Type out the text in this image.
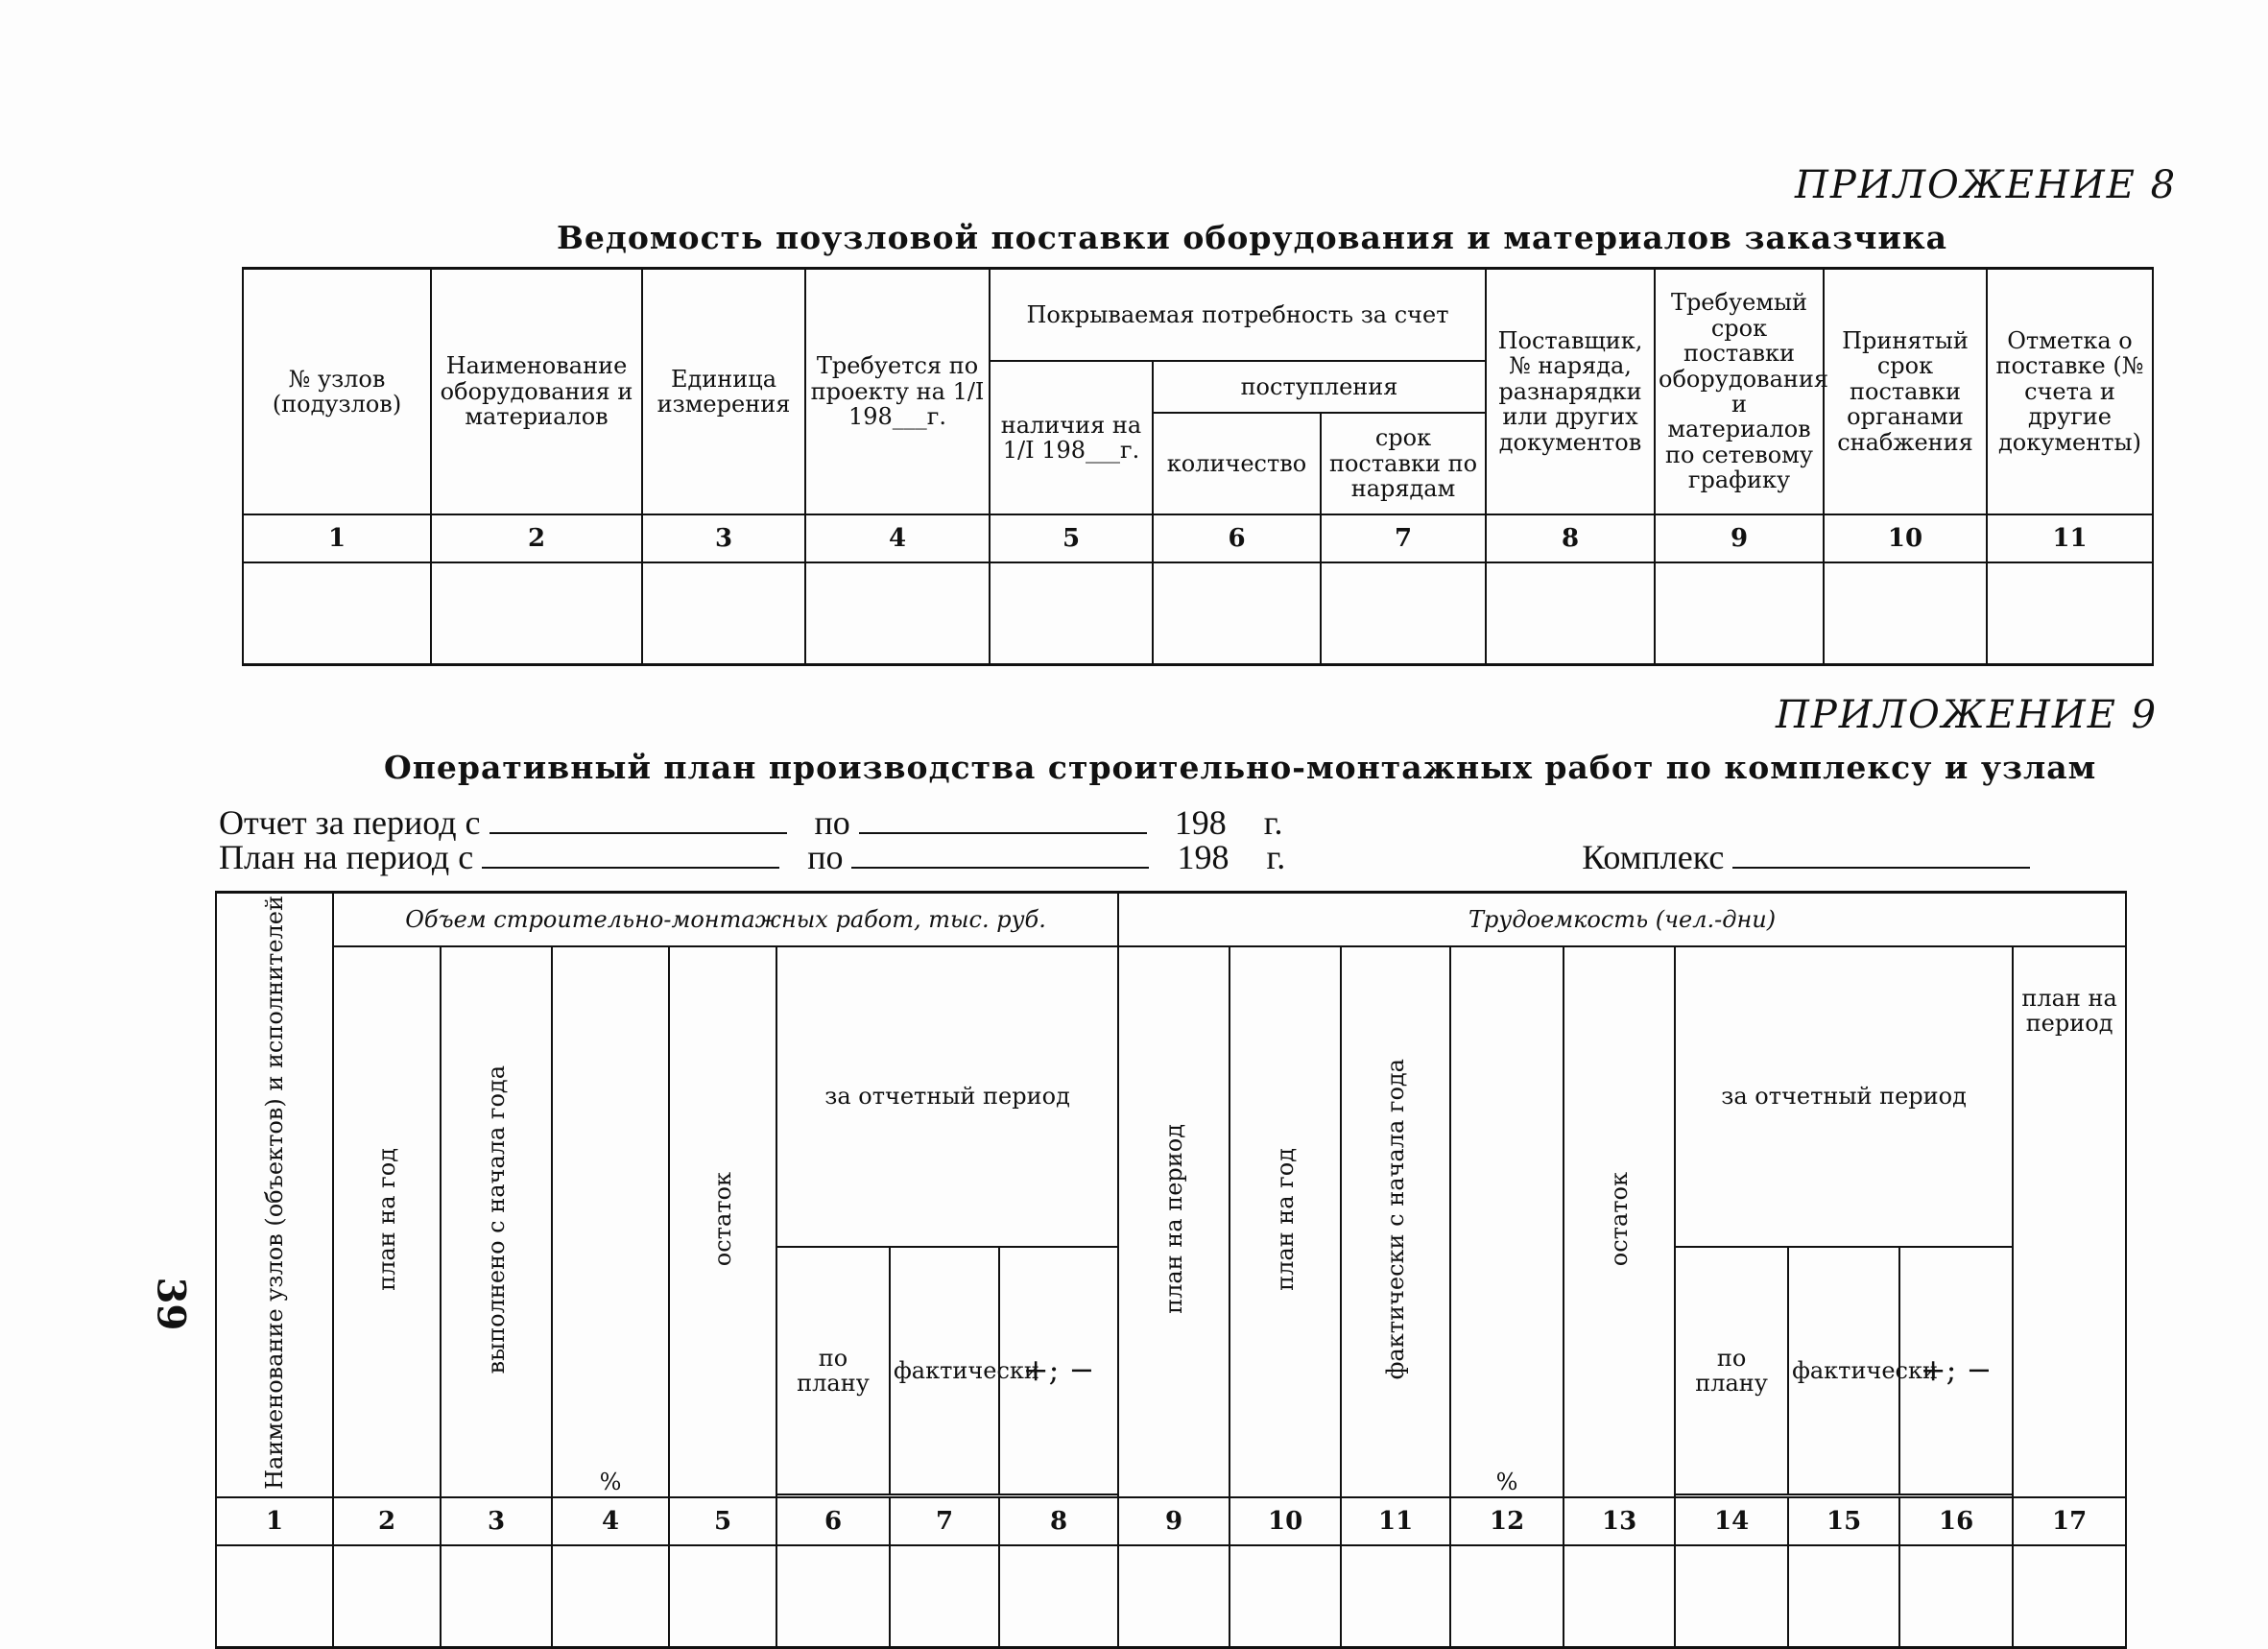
ПРИЛОЖЕНИЕ 8
Ведомость поузловой поставки оборудования и материалов заказчика
№ узлов (подузлов)	Наименование оборудования и материалов	Единица измерения	Требуется по проекту на 1/I 198___г.	Покрываемая потребность за счет			Поставщик, № наряда, разнарядки или других документов	Требуемый срок поставки оборудования и материалов по сетевому графику	Принятый срок поставки органами снабжения	Отметка о поставке (№ счета и другие документы)
				наличия на 1/I 198___г.	поступления					
					количество	срок поставки по нарядам				
1	2	3	4	5	6	7	8	9	10	11

ПРИЛОЖЕНИЕ 9
Оперативный план производства строительно-монтажных работ по комплексу и узлам
Отчет за период с	по	198 г.
План на период с	по	198 г.	Комплекс
Наименование узлов (объектов) и исполнителей	Объем строительно-монтажных работ, тыс. руб.							Трудоемкость (чел.-дни)								
	план на год	выполнено с начала года	%	остаток	за отчетный период			план на период	план на год	фактически с начала года	%	остаток	за отчетный период			план на период
					по плану	фактически	+; −						по плану	фактически	+; −	

1	2	3	4	5	6	7	8	9	10	11	12	13	14	15	16	17

39
